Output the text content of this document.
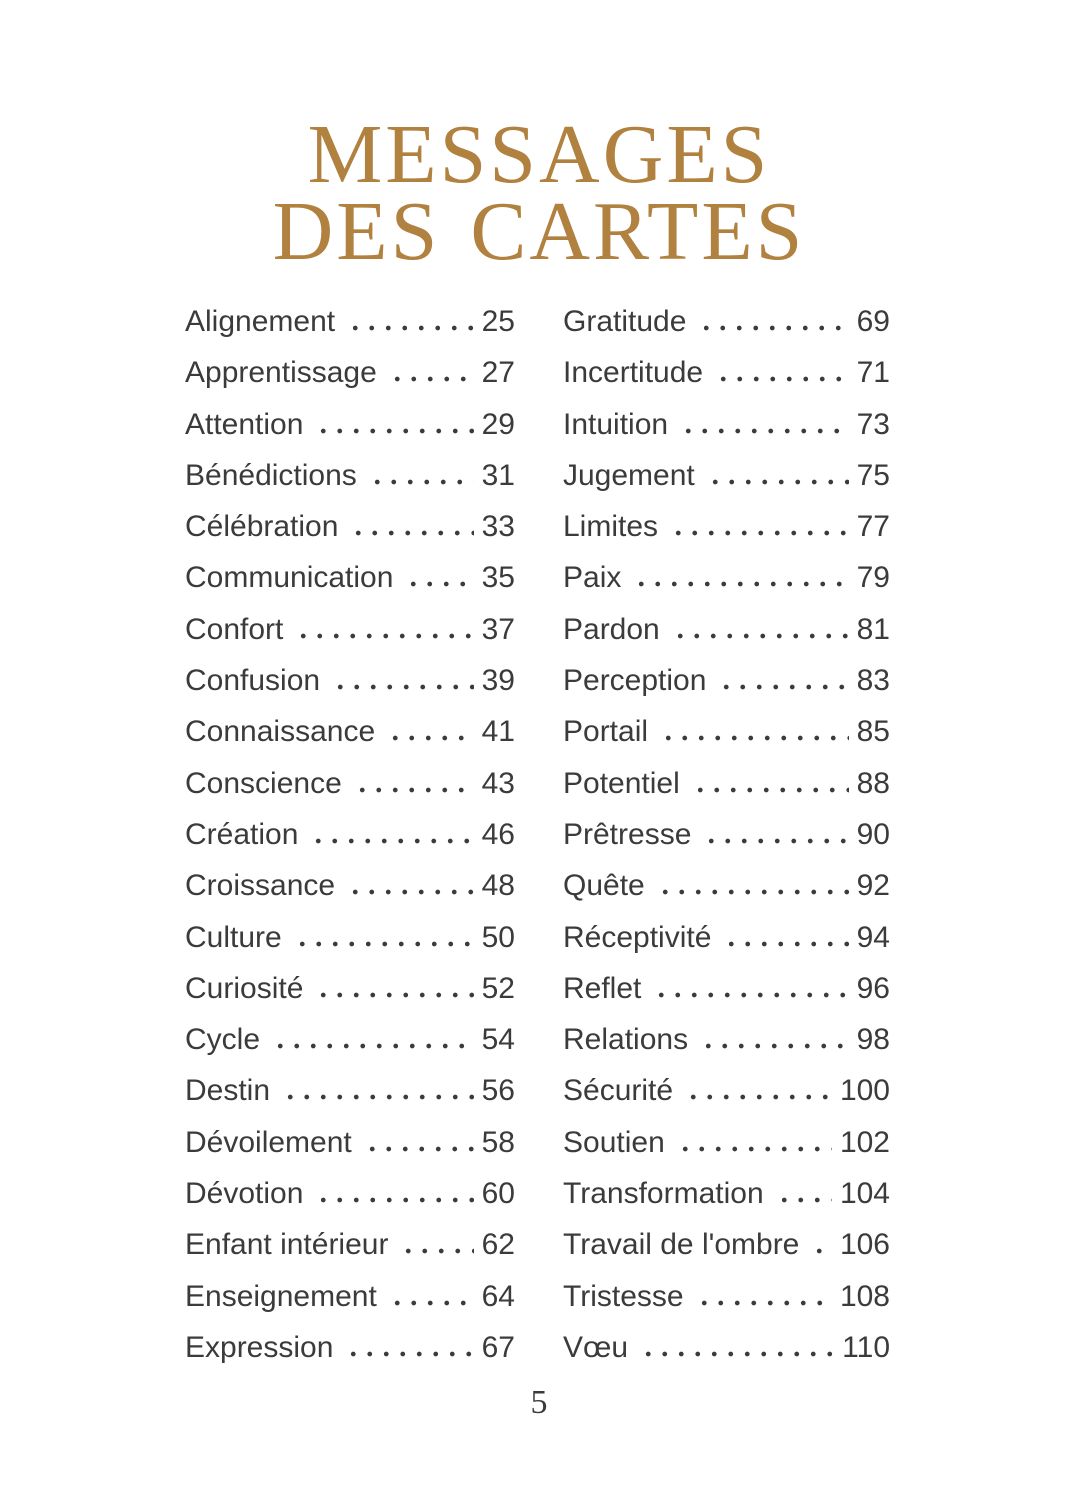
MESSAGES
DES CARTES
Alignement	25
Apprentissage	27
Attention	29
Bénédictions	31
Célébration	33
Communication	35
Confort	37
Confusion	39
Connaissance	41
Conscience	43
Création	46
Croissance	48
Culture	50
Curiosité	52
Cycle	54
Destin	56
Dévoilement	58
Dévotion	60
Enfant intérieur	62
Enseignement	64
Expression	67
Gratitude	69
Incertitude	71
Intuition	73
Jugement	75
Limites	77
Paix	79
Pardon	81
Perception	83
Portail	85
Potentiel	88
Prêtresse	90
Quête	92
Réceptivité	94
Reflet	96
Relations	98
Sécurité	100
Soutien	102
Transformation	104
Travail de l'ombre 106
Tristesse	108
Vœu	110
5
